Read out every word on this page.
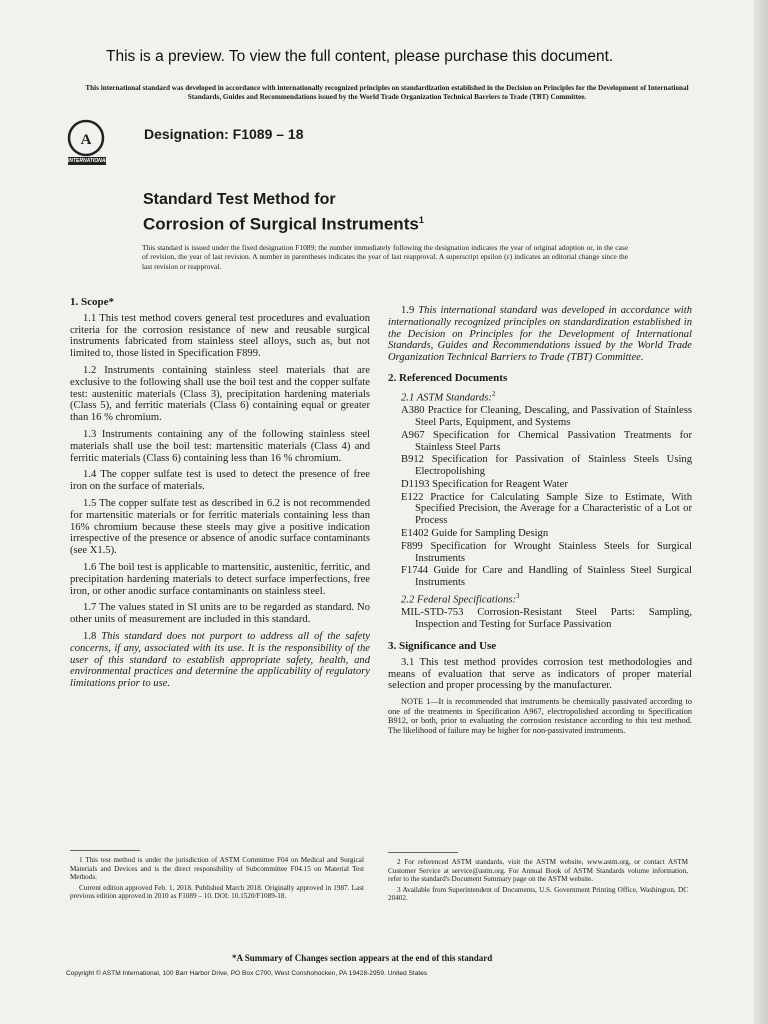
This is a preview. To view the full content, please purchase this document.
This international standard was developed in accordance with internationally recognized principles on standardization established in the Decision on Principles for the Development of International Standards, Guides and Recommendations issued by the World Trade Organization Technical Barriers to Trade (TBT) Committee.
A
INTERNATIONAL
Designation: F1089 – 18
Standard Test Method for
Corrosion of Surgical Instruments$^1$
This standard is issued under the fixed designation F1089; the number immediately following the designation indicates the year of original adoption or, in the case of revision, the year of last revision. A number in parentheses indicates the year of last reapproval. A superscript epsilon (ε) indicates an editorial change since the last revision or reapproval.
1. Scope*

1.1 This test method covers general test procedures and evaluation criteria for the corrosion resistance of new and reusable surgical instruments fabricated from stainless steel alloys, such as, but not limited to, those listed in Specification F899.

1.2 Instruments containing stainless steel materials that are exclusive to the following shall use the boil test and the copper sulfate test: austenitic materials (Class 3), precipitation hardening materials (Class 5), and ferritic materials (Class 6) containing equal or greater than 16 % chromium.

1.3 Instruments containing any of the following stainless steel materials shall use the boil test: martensitic materials (Class 4) and ferritic materials (Class 6) containing less than 16 % chromium.

1.4 The copper sulfate test is used to detect the presence of free iron on the surface of materials.

1.5 The copper sulfate test as described in 6.2 is not recommended for martensitic materials or for ferritic materials containing less than 16% chromium because these steels may give a positive indication irrespective of the presence or absence of anodic surface contaminants (see X1.5).

1.6 The boil test is applicable to martensitic, austenitic, ferritic, and precipitation hardening materials to detect surface imperfections, free iron, or other anodic surface contaminants on stainless steel.

1.7 The values stated in SI units are to be regarded as standard. No other units of measurement are included in this standard.

1.8 This standard does not purport to address all of the safety concerns, if any, associated with its use. It is the responsibility of the user of this standard to establish appropriate safety, health, and environmental practices and determine the applicability of regulatory limitations prior to use.

1.9 This international standard was developed in accordance with internationally recognized principles on standardization established in the Decision on Principles for the Development of International Standards, Guides and Recommendations issued by the World Trade Organization Technical Barriers to Trade (TBT) Committee.

2. Referenced Documents

2.1 ASTM Standards:$^2$

A380 Practice for Cleaning, Descaling, and Passivation of Stainless Steel Parts, Equipment, and Systems
A967 Specification for Chemical Passivation Treatments for Stainless Steel Parts
B912 Specification for Passivation of Stainless Steels Using Electropolishing
D1193 Specification for Reagent Water
E122 Practice for Calculating Sample Size to Estimate, With Specified Precision, the Average for a Characteristic of a Lot or Process
E1402 Guide for Sampling Design
F899 Specification for Wrought Stainless Steels for Surgical Instruments
F1744 Guide for Care and Handling of Stainless Steel Surgical Instruments

2.2 Federal Specifications:$^3$

MIL-STD-753 Corrosion-Resistant Steel Parts: Sampling, Inspection and Testing for Surface Passivation
3. Significance and Use

3.1 This test method provides corrosion test methodologies and means of evaluation that serve as indicators of proper material selection and proper processing by the manufacturer.

NOTE 1—It is recommended that instruments be chemically passivated according to one of the treatments in Specification A967, electropolished according to Specification B912, or both, prior to evaluating the corrosion resistance according to this test method. The likelihood of failure may be higher for non-passivated instruments.

1 This test method is under the jurisdiction of ASTM Committee F04 on Medical and Surgical Materials and Devices and is the direct responsibility of Subcommittee F04.15 on Material Test Methods.

Current edition approved Feb. 1, 2018. Published March 2018. Originally approved in 1987. Last previous edition approved in 2010 as F1089 – 10. DOI: 10.1520/F1089-18.

2 For referenced ASTM standards, visit the ASTM website, www.astm.org, or contact ASTM Customer Service at service@astm.org. For Annual Book of ASTM Standards volume information, refer to the standard's Document Summary page on the ASTM website.

3 Available from Superintendent of Documents, U.S. Government Printing Office, Washington, DC 20402.

*A Summary of Changes section appears at the end of this standard
Copyright © ASTM International, 100 Barr Harbor Drive, PO Box C700, West Conshohocken, PA 19428-2959. United States
